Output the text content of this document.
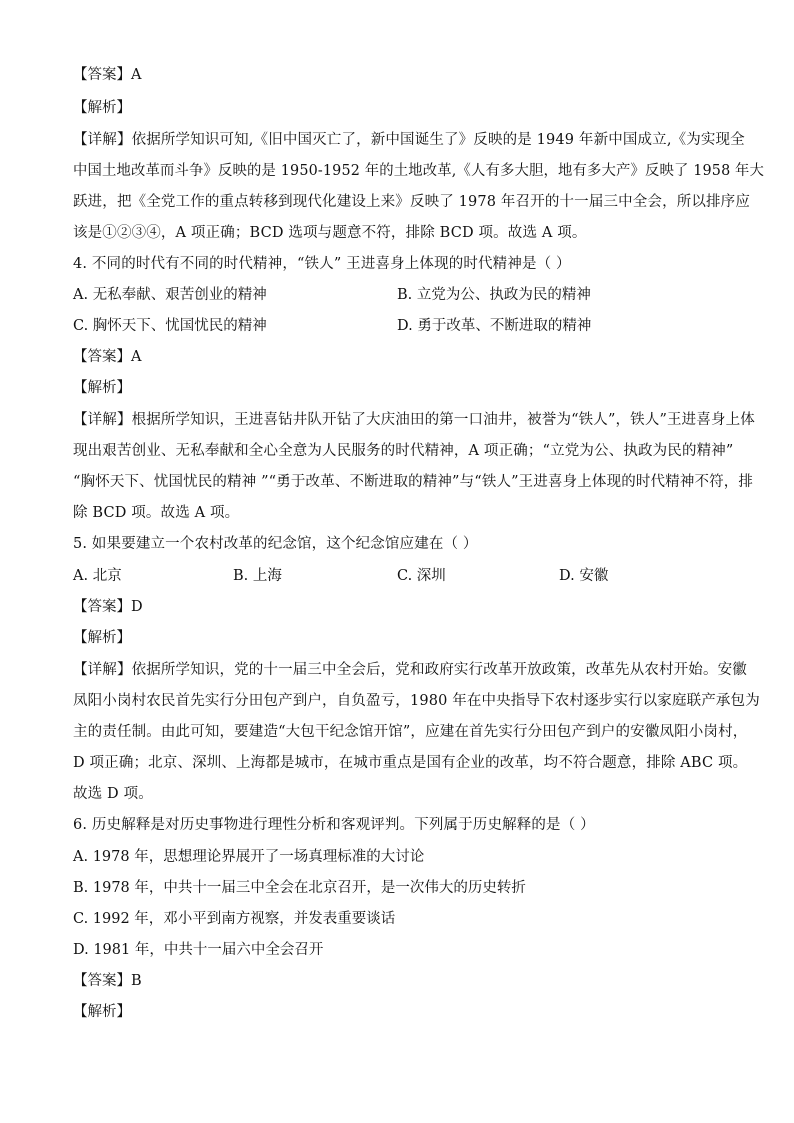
【答案】A
【解析】
【详解】依据所学知识可知,《旧中国灭亡了，新中国诞生了》反映的是 1949 年新中国成立,《为实现全
中国土地改革而斗争》反映的是 1950-1952 年的土地改革,《人有多大胆，地有多大产》反映了 1958 年大
跃进，把《全党工作的重点转移到现代化建设上来》反映了 1978 年召开的十一届三中全会，所以排序应
该是①②③④，A 项正确；BCD 选项与题意不符，排除 BCD 项。故选 A 项。
4. 不同的时代有不同的时代精神，“铁人” 王进喜身上体现的时代精神是（ ）
A. 无私奉献、艰苦创业的精神	B. 立党为公、执政为民的精神
C. 胸怀天下、忧国忧民的精神	D. 勇于改革、不断进取的精神
【答案】A
【解析】
【详解】根据所学知识，王进喜钻井队开钻了大庆油田的第一口油井，被誉为“铁人”，铁人”王进喜身上体
现出艰苦创业、无私奉献和全心全意为人民服务的时代精神，A 项正确；“立党为公、执政为民的精神”
“胸怀天下、忧国忧民的精神 ”“勇于改革、不断进取的精神”与“铁人”王进喜身上体现的时代精神不符，排
除 BCD 项。故选 A 项。
5. 如果要建立一个农村改革的纪念馆，这个纪念馆应建在（ ）
A. 北京	B. 上海	C. 深圳	D. 安徽
【答案】D
【解析】
【详解】依据所学知识，党的十一届三中全会后，党和政府实行改革开放政策，改革先从农村开始。安徽
凤阳小岗村农民首先实行分田包产到户，自负盈亏，1980 年在中央指导下农村逐步实行以家庭联产承包为
主的责任制。由此可知，要建造“大包干纪念馆开馆”，应建在首先实行分田包产到户的安徽凤阳小岗村，
D 项正确；北京、深圳、上海都是城市，在城市重点是国有企业的改革，均不符合题意，排除 ABC 项。
故选 D 项。
6. 历史解释是对历史事物进行理性分析和客观评判。下列属于历史解释的是（ ）
A. 1978 年，思想理论界展开了一场真理标准的大讨论
B. 1978 年，中共十一届三中全会在北京召开，是一次伟大的历史转折
C. 1992 年，邓小平到南方视察，并发表重要谈话
D. 1981 年，中共十一届六中全会召开
【答案】B
【解析】
